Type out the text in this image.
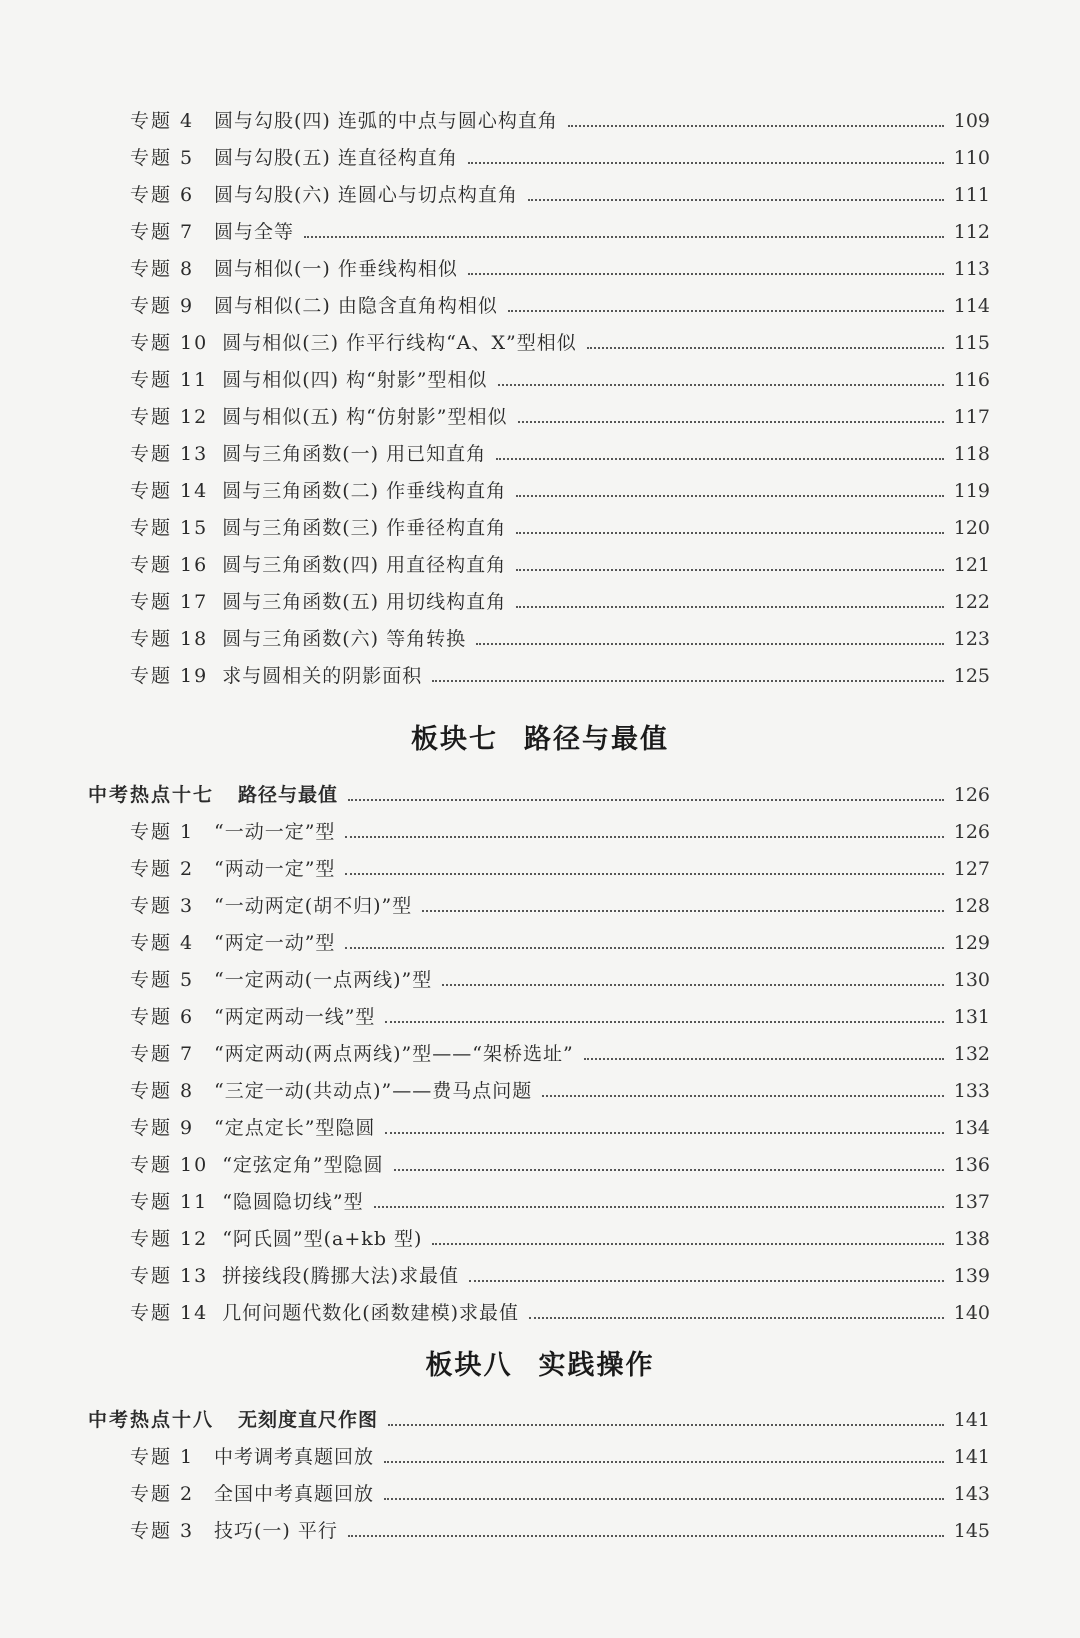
专题 4	圆与勾股(四) 连弧的中点与圆心构直角	109
专题 5	圆与勾股(五) 连直径构直角	110
专题 6	圆与勾股(六) 连圆心与切点构直角	111
专题 7	圆与全等	112
专题 8	圆与相似(一) 作垂线构相似	113
专题 9	圆与相似(二) 由隐含直角构相似	114
专题 10 圆与相似(三) 作平行线构“A、X”型相似	115
专题 11 圆与相似(四) 构“射影”型相似	116
专题 12 圆与相似(五) 构“仿射影”型相似	117
专题 13 圆与三角函数(一) 用已知直角	118
专题 14 圆与三角函数(二) 作垂线构直角	119
专题 15 圆与三角函数(三) 作垂径构直角	120
专题 16 圆与三角函数(四) 用直径构直角	121
专题 17 圆与三角函数(五) 用切线构直角	122
专题 18 圆与三角函数(六) 等角转换	123
专题 19 求与圆相关的阴影面积	125
板块七 路径与最值
中考热点十七 路径与最值	126
专题 1	“一动一定”型	126
专题 2	“两动一定”型	127
专题 3	“一动两定(胡不归)”型	128
专题 4	“两定一动”型	129
专题 5	“一定两动(一点两线)”型	130
专题 6	“两定两动一线”型	131
专题 7	“两定两动(两点两线)”型——“架桥选址”	132
专题 8	“三定一动(共动点)”——费马点问题	133
专题 9	“定点定长”型隐圆	134
专题 10 “定弦定角”型隐圆	136
专题 11 “隐圆隐切线”型	137
专题 12 “阿氏圆”型(a+kb 型)	138
专题 13 拼接线段(腾挪大法)求最值	139
专题 14 几何问题代数化(函数建模)求最值	140
板块八 实践操作
中考热点十八 无刻度直尺作图	141
专题 1	中考调考真题回放	141
专题 2	全国中考真题回放	143
专题 3	技巧(一) 平行	145
